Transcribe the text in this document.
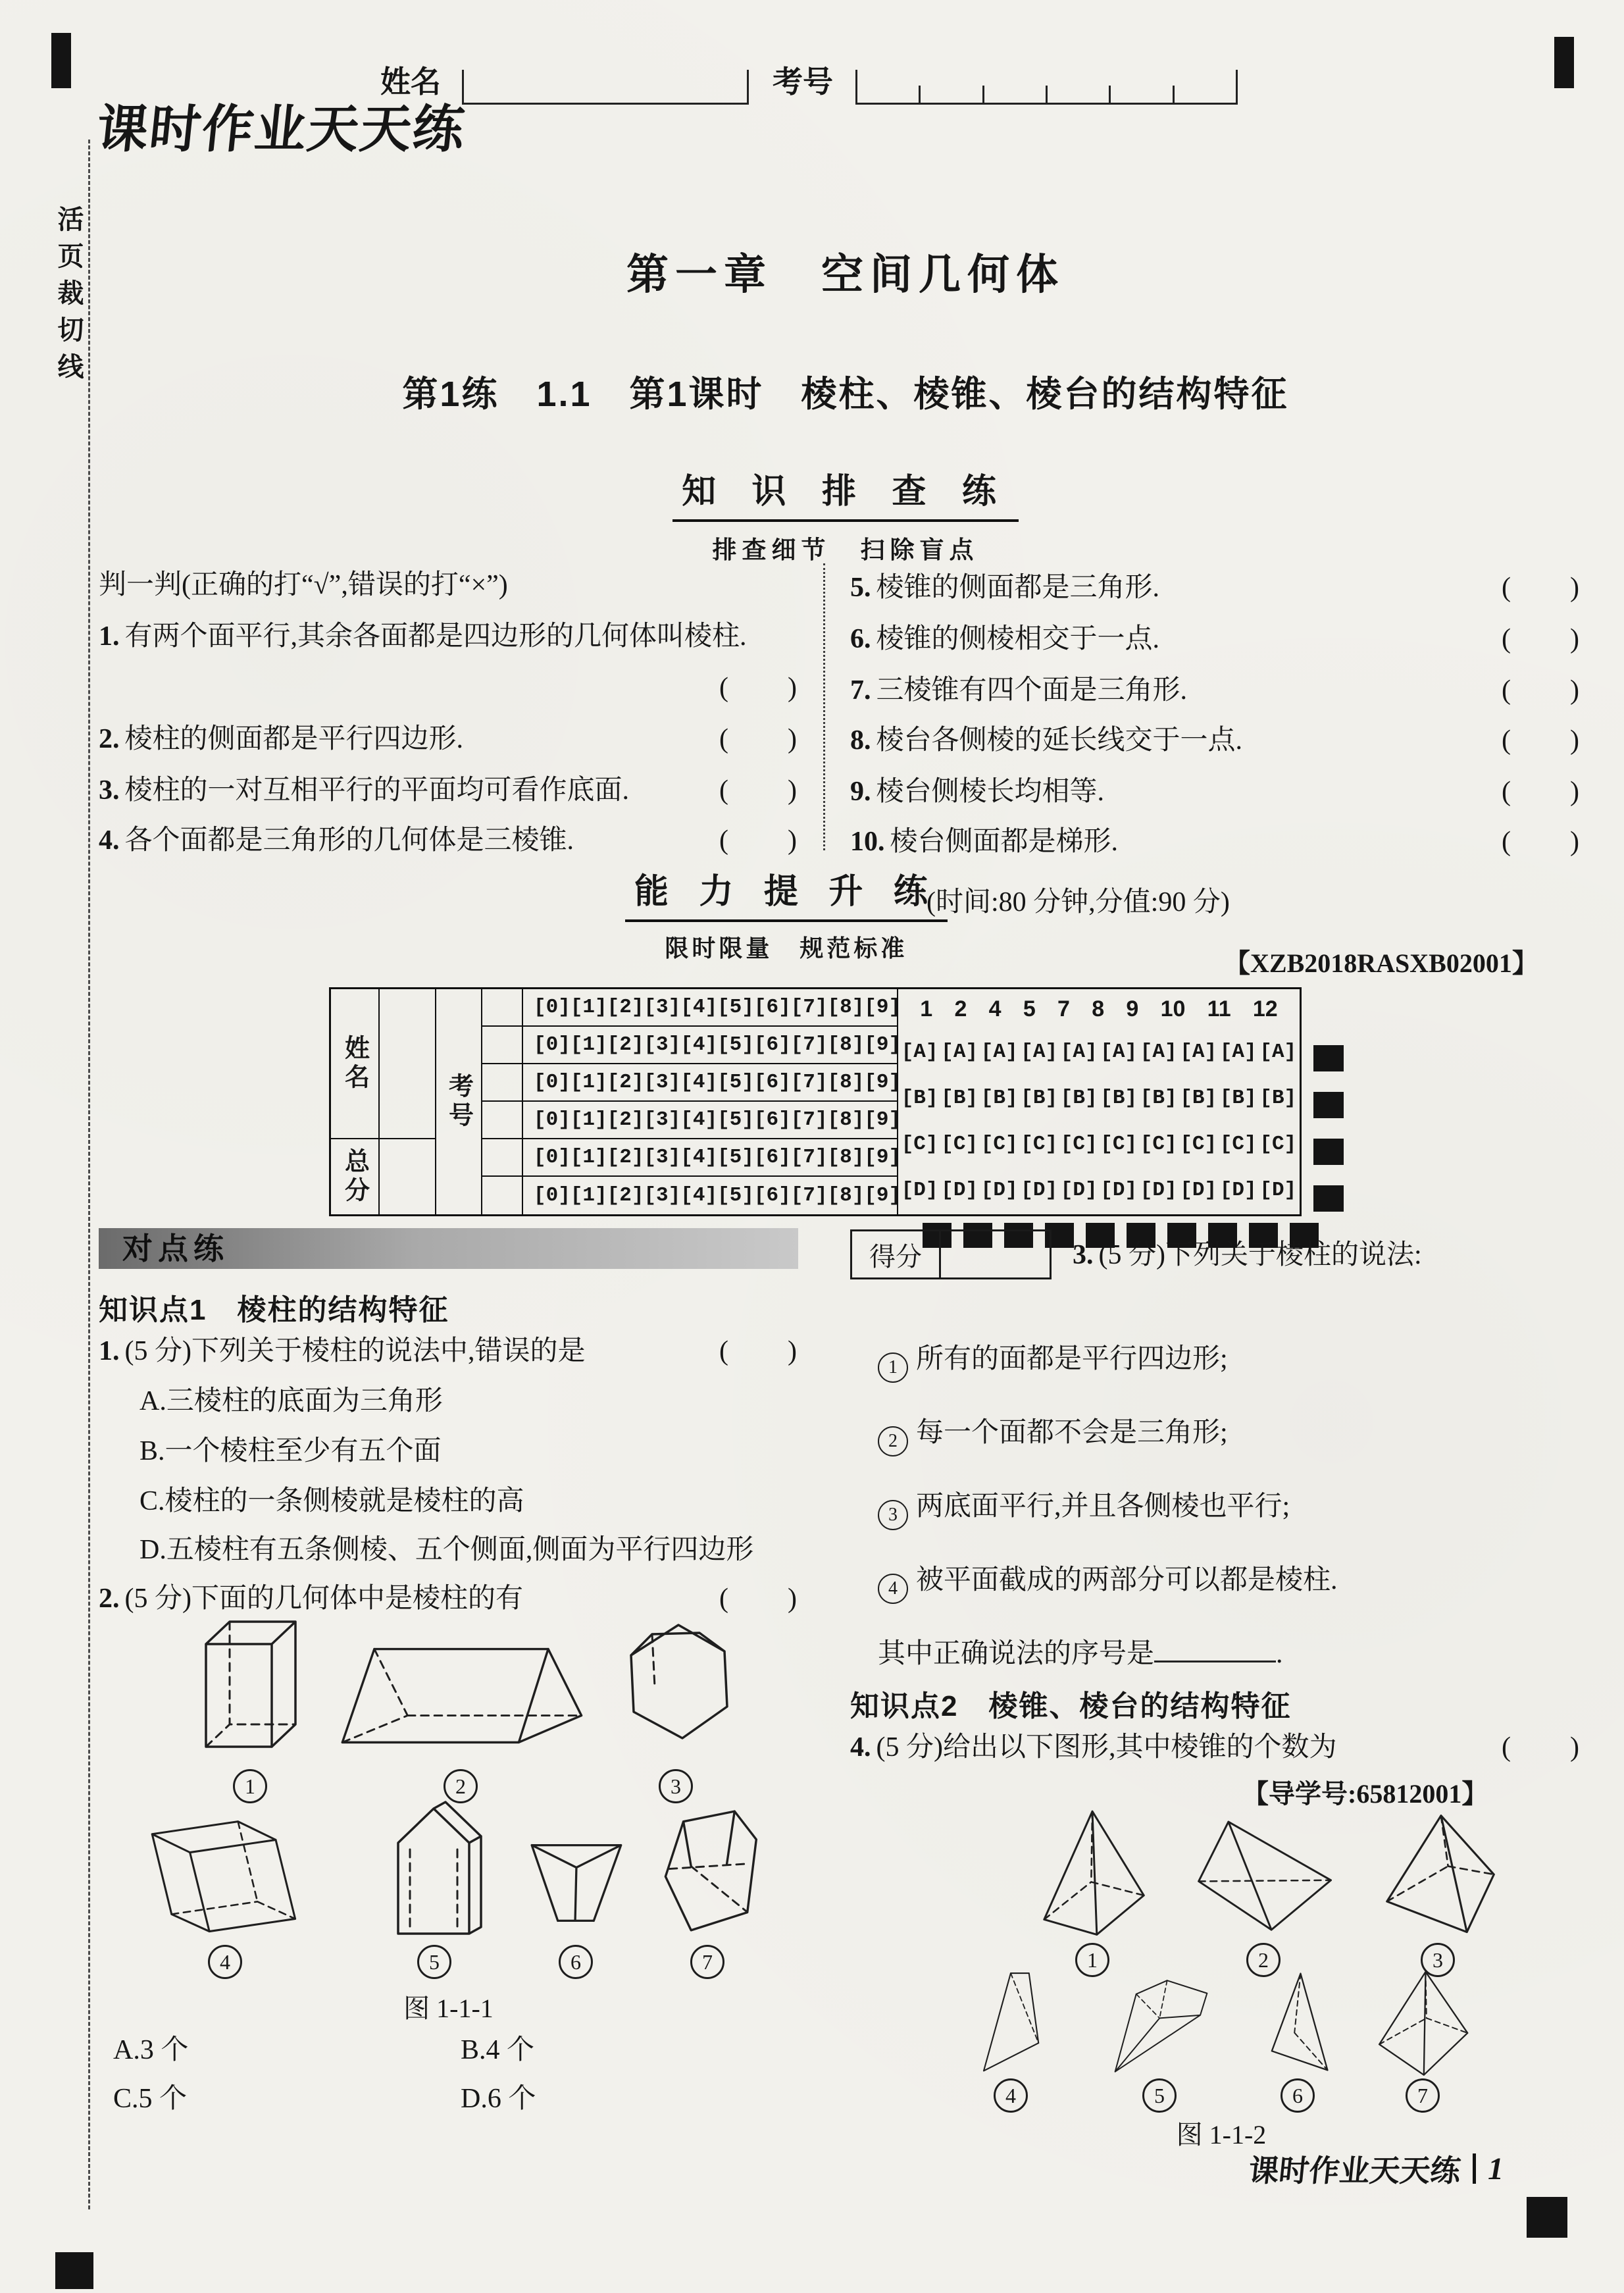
姓名	考号
活页裁切线
课时作业天天练
第一章　空间几何体
第1练　1.1　第1课时　棱柱、棱锥、棱台的结构特征
知 识 排 查 练
排查细节　扫除盲点
判一判(正确的打“√”,错误的打“×”)
1. 有两个面平行,其余各面都是四边形的几何体叫棱柱.
(　　)
2. 棱柱的侧面都是平行四边形.	(　　)
3. 棱柱的一对互相平行的平面均可看作底面.	(　　)
4. 各个面都是三角形的几何体是三棱锥.	(　　)
5. 棱锥的侧面都是三角形.	(　　)
6. 棱锥的侧棱相交于一点.	(　　)
7. 三棱锥有四个面是三角形.	(　　)
8. 棱台各侧棱的延长线交于一点.	(　　)
9. 棱台侧棱长均相等.	(　　)
10. 棱台侧面都是梯形.	(　　)
能 力 提 升 练
限时限量　规范标准
(时间:80 分钟,分值:90 分)
【XZB2018RASXB02001】
姓名
总分
考号
[0] [1] [2] [3] [4] [5] [6] [7] [8] [9]
[0] [1] [2] [3] [4] [5] [6] [7] [8] [9]
[0] [1] [2] [3] [4] [5] [6] [7] [8] [9]
[0] [1] [2] [3] [4] [5] [6] [7] [8] [9]
[0] [1] [2] [3] [4] [5] [6] [7] [8] [9]
[0] [1] [2] [3] [4] [5] [6] [7] [8] [9]
1 2 4 5 7 8 9 10 11 12
[A] [A] [A] [A] [A] [A] [A] [A] [A] [A]
[B] [B] [B] [B] [B] [B] [B] [B] [B] [B]
[C] [C] [C] [C] [C] [C] [C] [C] [C] [C]
[D] [D] [D] [D] [D] [D] [D] [D] [D] [D]
对点练
知识点1　棱柱的结构特征
1. (5 分)下列关于棱柱的说法中,错误的是	(　　)
A.三棱柱的底面为三角形
B.一个棱柱至少有五个面
C.棱柱的一条侧棱就是棱柱的高
D.五棱柱有五条侧棱、五个侧面,侧面为平行四边形
2. (5 分)下面的几何体中是棱柱的有	(　　)
1	2	3
4	5	6	7
图 1-1-1
A.3 个	B.4 个
C.5 个	D.6 个
得分	3. (5 分)下列关于棱柱的说法:
1 所有的面都是平行四边形;
2 每一个面都不会是三角形;
3 两底面平行,并且各侧棱也平行;
4 被平面截成的两部分可以都是棱柱.
其中正确说法的序号是	.
知识点2　棱锥、棱台的结构特征
4. (5 分)给出以下图形,其中棱锥的个数为	(　　)
【导学号:65812001】
1	2	3
4	5	6	7
图 1-1-2
课时作业天天练 1
